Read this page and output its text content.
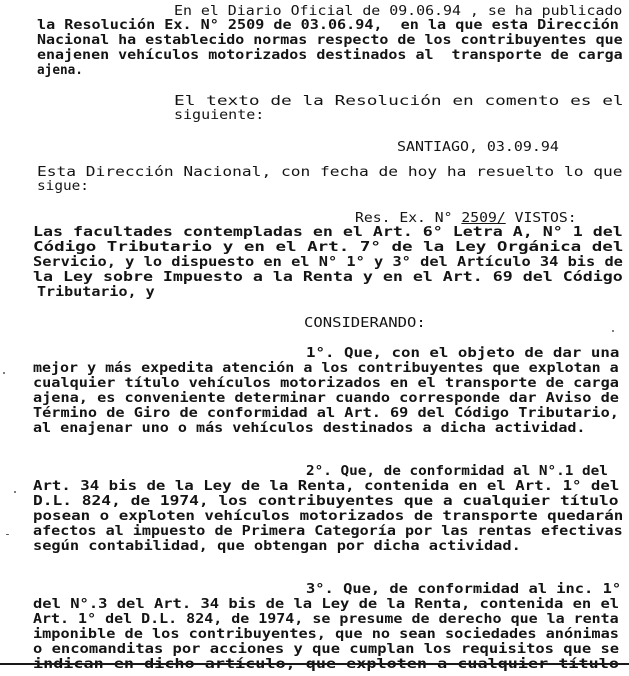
En el Diario Oficial de 09.06.94 , se ha publicado
la Resolución Ex. N° 2509 de 03.06.94,  en la que esta Dirección
Nacional ha establecido normas respecto de los contribuyentes que
enajenen vehículos motorizados destinados al  transporte de carga
ajena.
El texto de la Resolución en comento es el
siguiente:
SANTIAGO, 03.09.94
Esta Dirección Nacional, con fecha de hoy ha resuelto lo que
sigue:
Res. Ex. N° 2509/ VISTOS:
Las facultades contempladas en el Art. 6° Letra A, N° 1 del
Código Tributario y en el Art. 7° de la Ley Orgánica del
Servicio, y lo dispuesto en el N° 1° y 3° del Artículo 34 bis de
la Ley sobre Impuesto a la Renta y en el Art. 69 del Código
Tributario, y
CONSIDERANDO:
1°. Que, con el objeto de dar una
mejor y más expedita atención a los contribuyentes que explotan a
cualquier título vehículos motorizados en el transporte de carga
ajena, es conveniente determinar cuando corresponde dar Aviso de
Término de Giro de conformidad al Art. 69 del Código Tributario,
al enajenar uno o más vehículos destinados a dicha actividad.
2°. Que, de conformidad al N°.1 del
Art. 34 bis de la Ley de la Renta, contenida en el Art. 1° del
D.L. 824, de 1974, los contribuyentes que a cualquier título
posean o exploten vehículos motorizados de transporte quedarán
afectos al impuesto de Primera Categoría por las rentas efectivas
según contabilidad, que obtengan por dicha actividad.
3°. Que, de conformidad al inc. 1°
del N°.3 del Art. 34 bis de la Ley de la Renta, contenida en el
Art. 1° del D.L. 824, de 1974, se presume de derecho que la renta
imponible de los contribuyentes, que no sean sociedades anónimas
o encomanditas por acciones y que cumplan los requisitos que se
